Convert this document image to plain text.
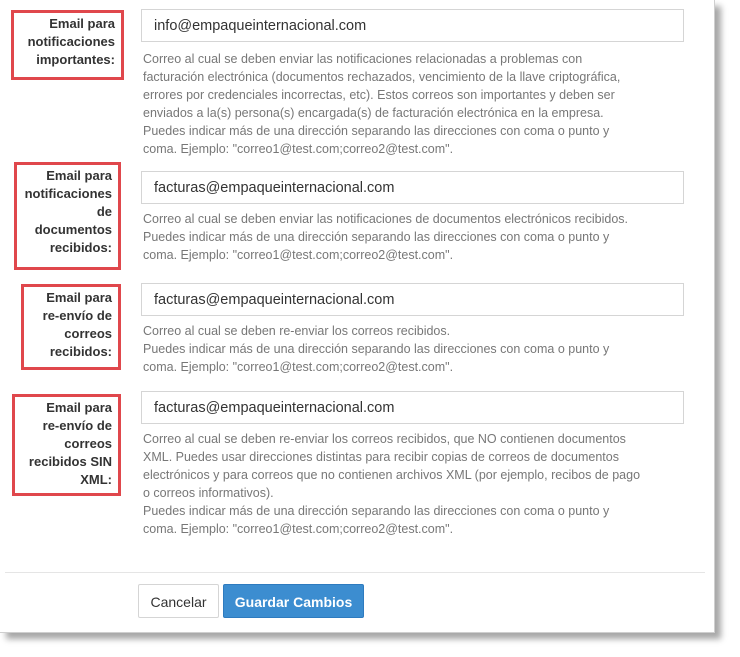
Email para
notificaciones
importantes:
info@empaqueinternacional.com Correo al cual se deben enviar las notificaciones relacionadas a problemas con
facturación electrónica (documentos rechazados, vencimiento de la llave criptográfica,
errores por credenciales incorrectas, etc). Estos correos son importantes y deben ser
enviados a la(s) persona(s) encargada(s) de facturación electrónica en la empresa.
Puedes indicar más de una dirección separando las direcciones con coma o punto y
coma. Ejemplo: "correo1@test.com;correo2@test.com".
Email para
notificaciones
de
documentos
recibidos:
facturas@empaqueinternacional.com
Correo al cual se deben enviar las notificaciones de documentos electrónicos recibidos.
Puedes indicar más de una dirección separando las direcciones con coma o punto y
coma. Ejemplo: "correo1@test.com;correo2@test.com".
Email para
re-envío de
correos
recibidos:
facturas@empaqueinternacional.com
Correo al cual se deben re-enviar los correos recibidos.
Puedes indicar más de una dirección separando las direcciones con coma o punto y
coma. Ejemplo: "correo1@test.com;correo2@test.com".
Email para
re-envío de
correos
recibidos SIN
XML:
facturas@empaqueinternacional.com
Correo al cual se deben re-enviar los correos recibidos, que NO contienen documentos
XML. Puedes usar direcciones distintas para recibir copias de correos de documentos
electrónicos y para correos que no contienen archivos XML (por ejemplo, recibos de pago
o correos informativos).
Puedes indicar más de una dirección separando las direcciones con coma o punto y
coma. Ejemplo: "correo1@test.com;correo2@test.com".
Cancelar	Guardar Cambios
